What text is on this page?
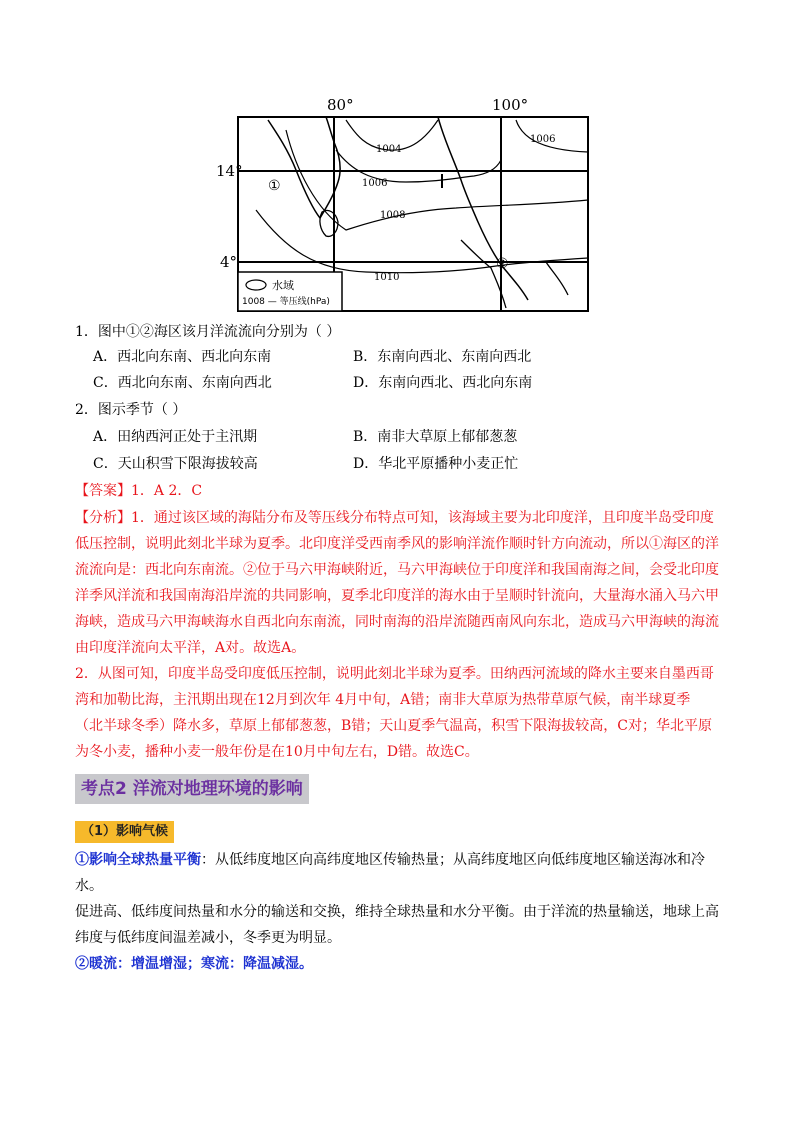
80°	100°
14°
4°
1004
1006
1008
1010
1006
①
②
水域
1008 — 等压线(hPa)
1．图中①②海区该月洋流流向分别为（ ）
A．西北向东南、西北向东南	B．东南向西北、东南向西北
C．西北向东南、东南向西北	D．东南向西北、西北向东南
2．图示季节（ ）
A．田纳西河正处于主汛期	B．南非大草原上郁郁葱葱
C．天山积雪下限海拔较高	D．华北平原播种小麦正忙
【答案】1．A 2．C
【分析】1．通过该区域的海陆分布及等压线分布特点可知，该海域主要为北印度洋，且印度半岛受印度
低压控制，说明此刻北半球为夏季。北印度洋受西南季风的影响洋流作顺时针方向流动，所以①海区的洋
流流向是：西北向东南流。②位于马六甲海峡附近，马六甲海峡位于印度洋和我国南海之间，会受北印度
洋季风洋流和我国南海沿岸流的共同影响，夏季北印度洋的海水由于呈顺时针流向，大量海水涌入马六甲
海峡，造成马六甲海峡海水自西北向东南流，同时南海的沿岸流随西南风向东北，造成马六甲海峡的海流
由印度洋流向太平洋，A对。故选A。
2．从图可知，印度半岛受印度低压控制，说明此刻北半球为夏季。田纳西河流域的降水主要来自墨西哥
湾和加勒比海，主汛期出现在12月到次年 4月中旬，A错；南非大草原为热带草原气候，南半球夏季
（北半球冬季）降水多，草原上郁郁葱葱，B错；天山夏季气温高，积雪下限海拔较高，C对；华北平原
为冬小麦，播种小麦一般年份是在10月中旬左右，D错。故选C。
考点2 洋流对地理环境的影响
（1）影响气候
①影响全球热量平衡：从低纬度地区向高纬度地区传输热量；从高纬度地区向低纬度地区输送海冰和冷水。
促进高、低纬度间热量和水分的输送和交换，维持全球热量和水分平衡。由于洋流的热量输送，地球上高
纬度与低纬度间温差减小，冬季更为明显。
②暖流：增温增湿；寒流：降温减湿。
